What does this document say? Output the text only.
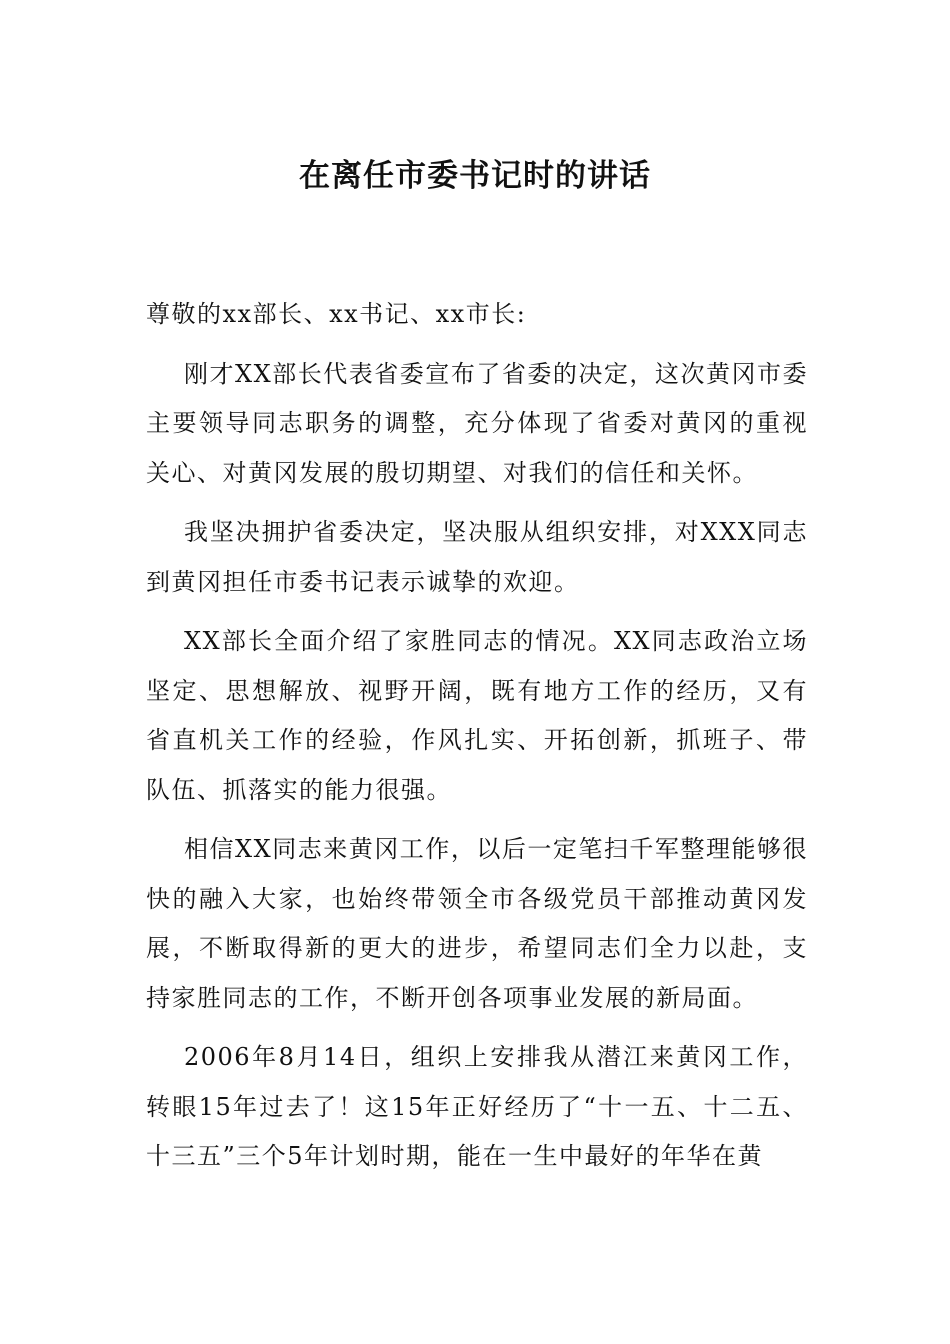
在离任市委书记时的讲话

尊敬的xx部长、xx书记、xx市长:

刚才XX部长代表省委宣布了省委的决定，这次黄冈市委主要领导同志职务的调整，充分体现了省委对黄冈的重视关心、对黄冈发展的殷切期望、对我们的信任和关怀。

我坚决拥护省委决定，坚决服从组织安排，对XXX同志到黄冈担任市委书记表示诚挚的欢迎。

XX部长全面介绍了家胜同志的情况。XX同志政治立场坚定、思想解放、视野开阔，既有地方工作的经历，又有省直机关工作的经验，作风扎实、开拓创新，抓班子、带队伍、抓落实的能力很强。

相信XX同志来黄冈工作，以后一定笔扫千军整理能够很快的融入大家，也始终带领全市各级党员干部推动黄冈发展，不断取得新的更大的进步，希望同志们全力以赴，支持家胜同志的工作，不断开创各项事业发展的新局面。

2006年8月14日，组织上安排我从潜江来黄冈工作，转眼15年过去了！这15年正好经历了“十一五、十二五、十三五”三个5年计划时期，能在一生中最好的年华在黄
